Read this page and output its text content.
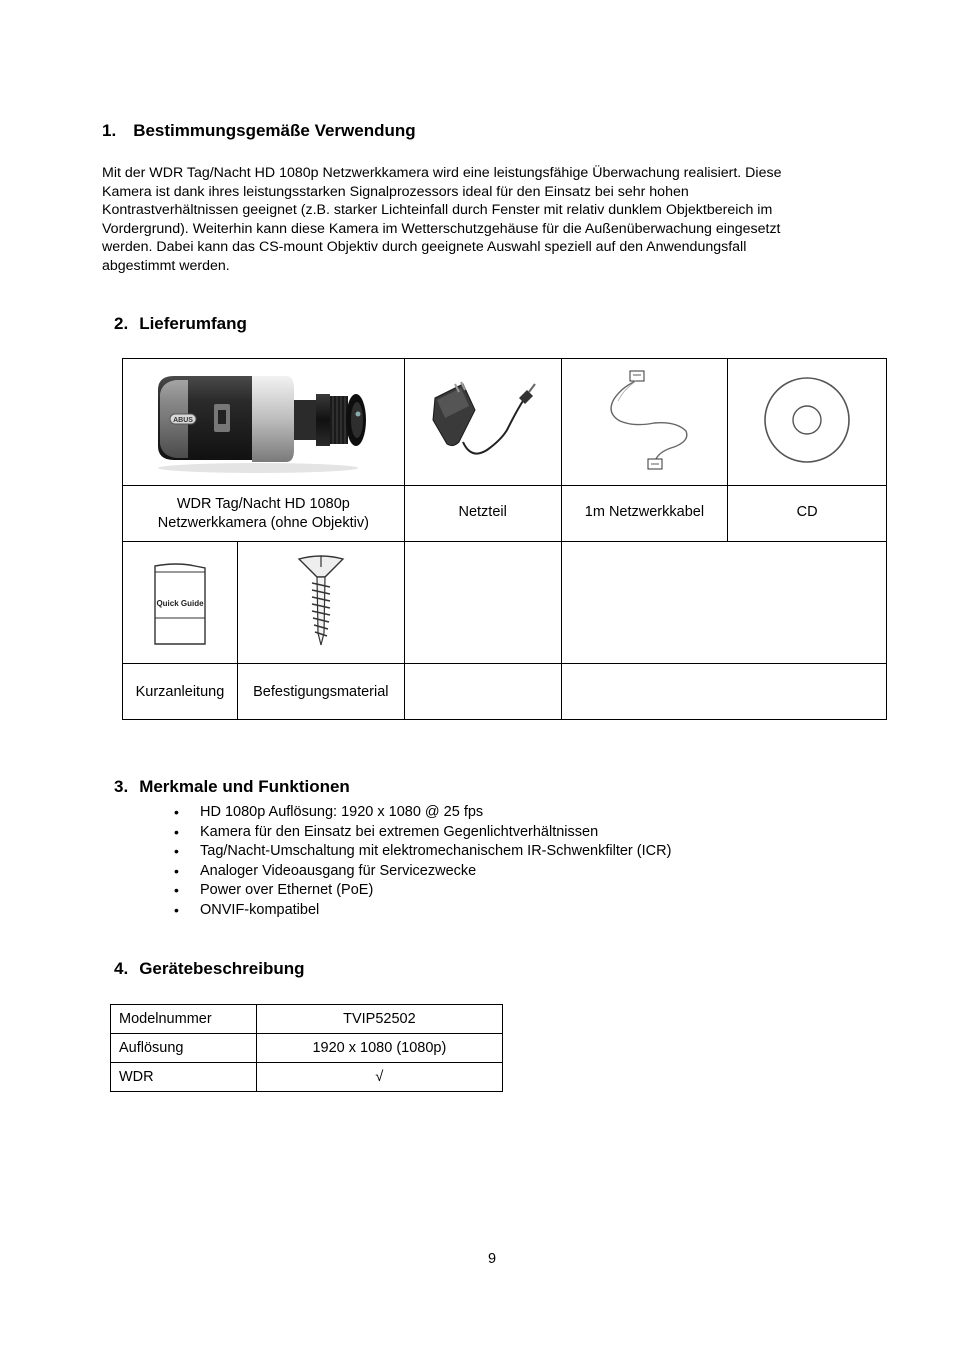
1. Bestimmungsgemäße Verwendung
Mit der WDR Tag/Nacht HD 1080p Netzwerkkamera wird eine leistungsfähige Überwachung realisiert. Diese
Kamera ist dank ihres leistungsstarken Signalprozessors ideal für den Einsatz bei sehr hohen
Kontrastverhältnissen geeignet (z.B. starker Lichteinfall durch Fenster mit relativ dunklem Objektbereich im
Vordergrund). Weiterhin kann diese Kamera im Wetterschutzgehäuse für die Außenüberwachung eingesetzt
werden. Dabei kann das CS-mount Objektiv durch geeignete Auswahl speziell auf den Anwendungsfall
abgestimmt werden.
2. Lieferumfang
ABUS

WDR Tag/Nacht HD 1080p
Netzwerkkamera (ohne Objektiv)		Netzteil	1m Netzwerkkabel	CD

Quick Guide

Kurzanleitung	Befestigungsmaterial			
3. Merkmale und Funktionen
• HD 1080p Auflösung: 1920 x 1080 @ 25 fps
• Kamera für den Einsatz bei extremen Gegenlichtverhältnissen
• Tag/Nacht-Umschaltung mit elektromechanischem IR-Schwenkfilter (ICR)
• Analoger Videoausgang für Servicezwecke
• Power over Ethernet (PoE)
• ONVIF-kompatibel
4. Gerätebeschreibung
Modelnummer	TVIP52502
Auflösung	1920 x 1080 (1080p)
WDR	√
9
